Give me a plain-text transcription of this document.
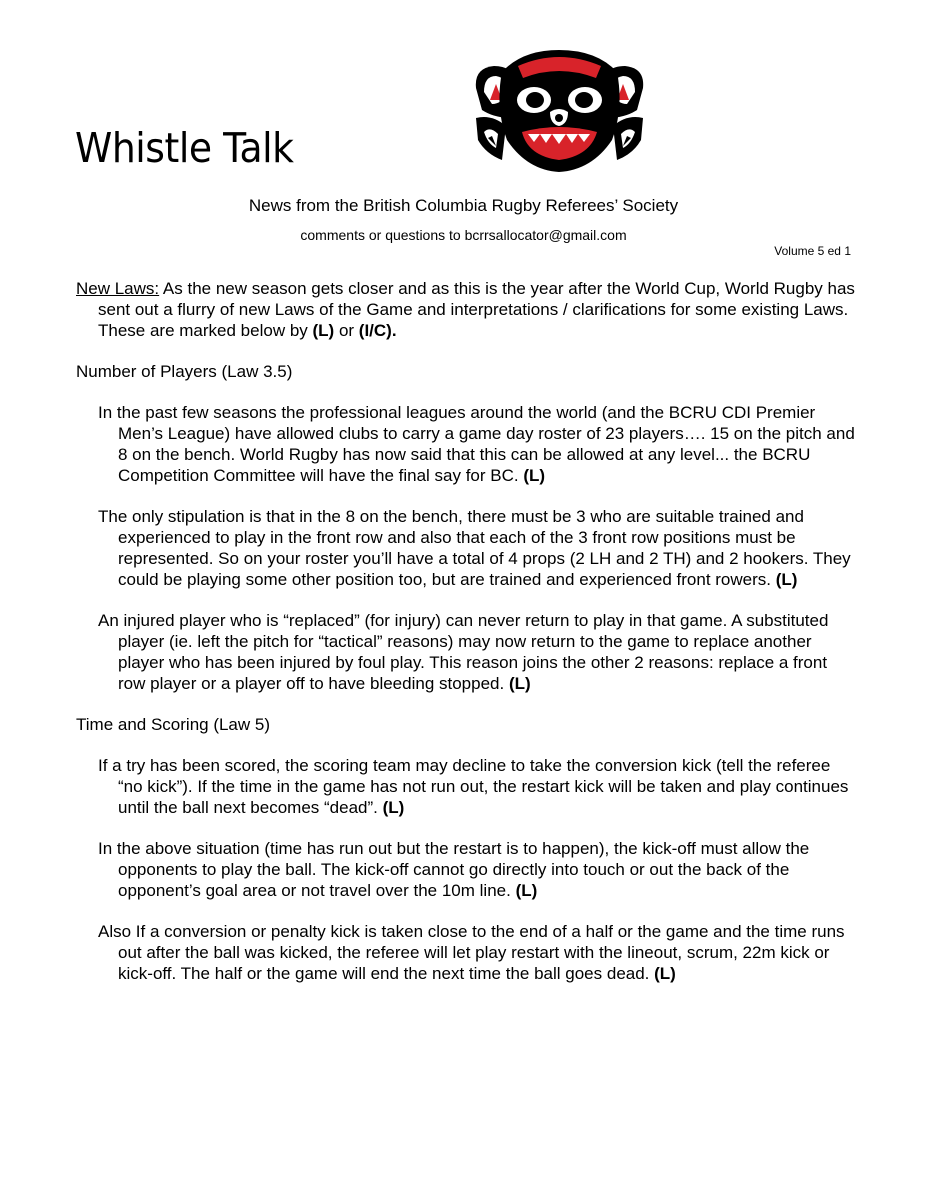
Whistle Talk

News from the British Columbia Rugby Referees’ Society

comments or questions to bcrrsallocator@gmail.com

Volume 5 ed 1

New Laws: As the new season gets closer and as this is the year after the World Cup, World Rugby has sent out a flurry of new Laws of the Game and interpretations / clarifications for some existing Laws. These are marked below by (L) or (I/C).

Number of Players (Law 3.5)

In the past few seasons the professional leagues around the world (and the BCRU CDI Premier Men’s League) have allowed clubs to carry a game day roster of 23 players…. 15 on the pitch and 8 on the bench. World Rugby has now said that this can be allowed at any level... the BCRU Competition Committee will have the final say for BC. (L)

The only stipulation is that in the 8 on the bench, there must be 3 who are suitable trained and experienced to play in the front row and also that each of the 3 front row positions must be represented. So on your roster you’ll have a total of 4 props (2 LH and 2 TH) and 2 hookers. They could be playing some other position too, but are trained and experienced front rowers. (L)

An injured player who is “replaced” (for injury) can never return to play in that game. A substituted player (ie. left the pitch for “tactical” reasons) may now return to the game to replace another player who has been injured by foul play. This reason joins the other 2 reasons: replace a front row player or a player off to have bleeding stopped. (L)

Time and Scoring (Law 5)

If a try has been scored, the scoring team may decline to take the conversion kick (tell the referee “no kick”). If the time in the game has not run out, the restart kick will be taken and play continues until the ball next becomes “dead”. (L)

In the above situation (time has run out but the restart is to happen), the kick-off must allow the opponents to play the ball. The kick-off cannot go directly into touch or out the back of the opponent’s goal area or not travel over the 10m line. (L)

Also If a conversion or penalty kick is taken close to the end of a half or the game and the time runs out after the ball was kicked, the referee will let play restart with the lineout, scrum, 22m kick or kick-off. The half or the game will end the next time the ball goes dead. (L)
